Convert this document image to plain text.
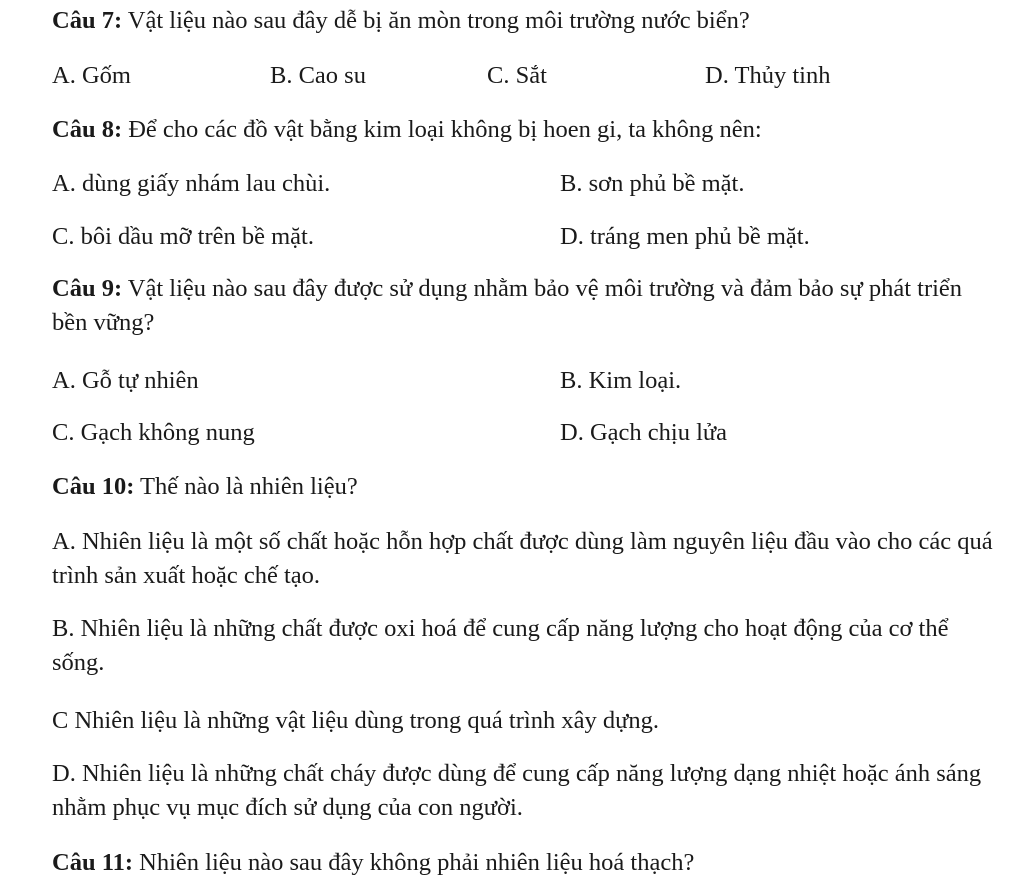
Câu 7: Vật liệu nào sau đây dễ bị ăn mòn trong môi trường nước biển?
A. Gốm	B. Cao su	C. Sắt	D. Thủy tinh
Câu 8: Để cho các đồ vật bằng kim loại không bị hoen gi, ta không nên:
A. dùng giấy nhám lau chùi.	B. sơn phủ bề mặt.
C. bôi dầu mỡ trên bề mặt.	D. tráng men phủ bề mặt.
Câu 9: Vật liệu nào sau đây được sử dụng nhằm bảo vệ môi trường và đảm bảo sự phát triển bền vững?
A. Gỗ tự nhiên	B. Kim loại.
C. Gạch không nung	D. Gạch chịu lửa
Câu 10: Thế nào là nhiên liệu?
A. Nhiên liệu là một số chất hoặc hỗn hợp chất được dùng làm nguyên liệu đầu vào cho các quá trình sản xuất hoặc chế tạo.
B. Nhiên liệu là những chất được oxi hoá để cung cấp năng lượng cho hoạt động của cơ thể sống.
C Nhiên liệu là những vật liệu dùng trong quá trình xây dựng.
D. Nhiên liệu là những chất cháy được dùng để cung cấp năng lượng dạng nhiệt hoặc ánh sáng nhằm phục vụ mục đích sử dụng của con người.
Câu 11: Nhiên liệu nào sau đây không phải nhiên liệu hoá thạch?
